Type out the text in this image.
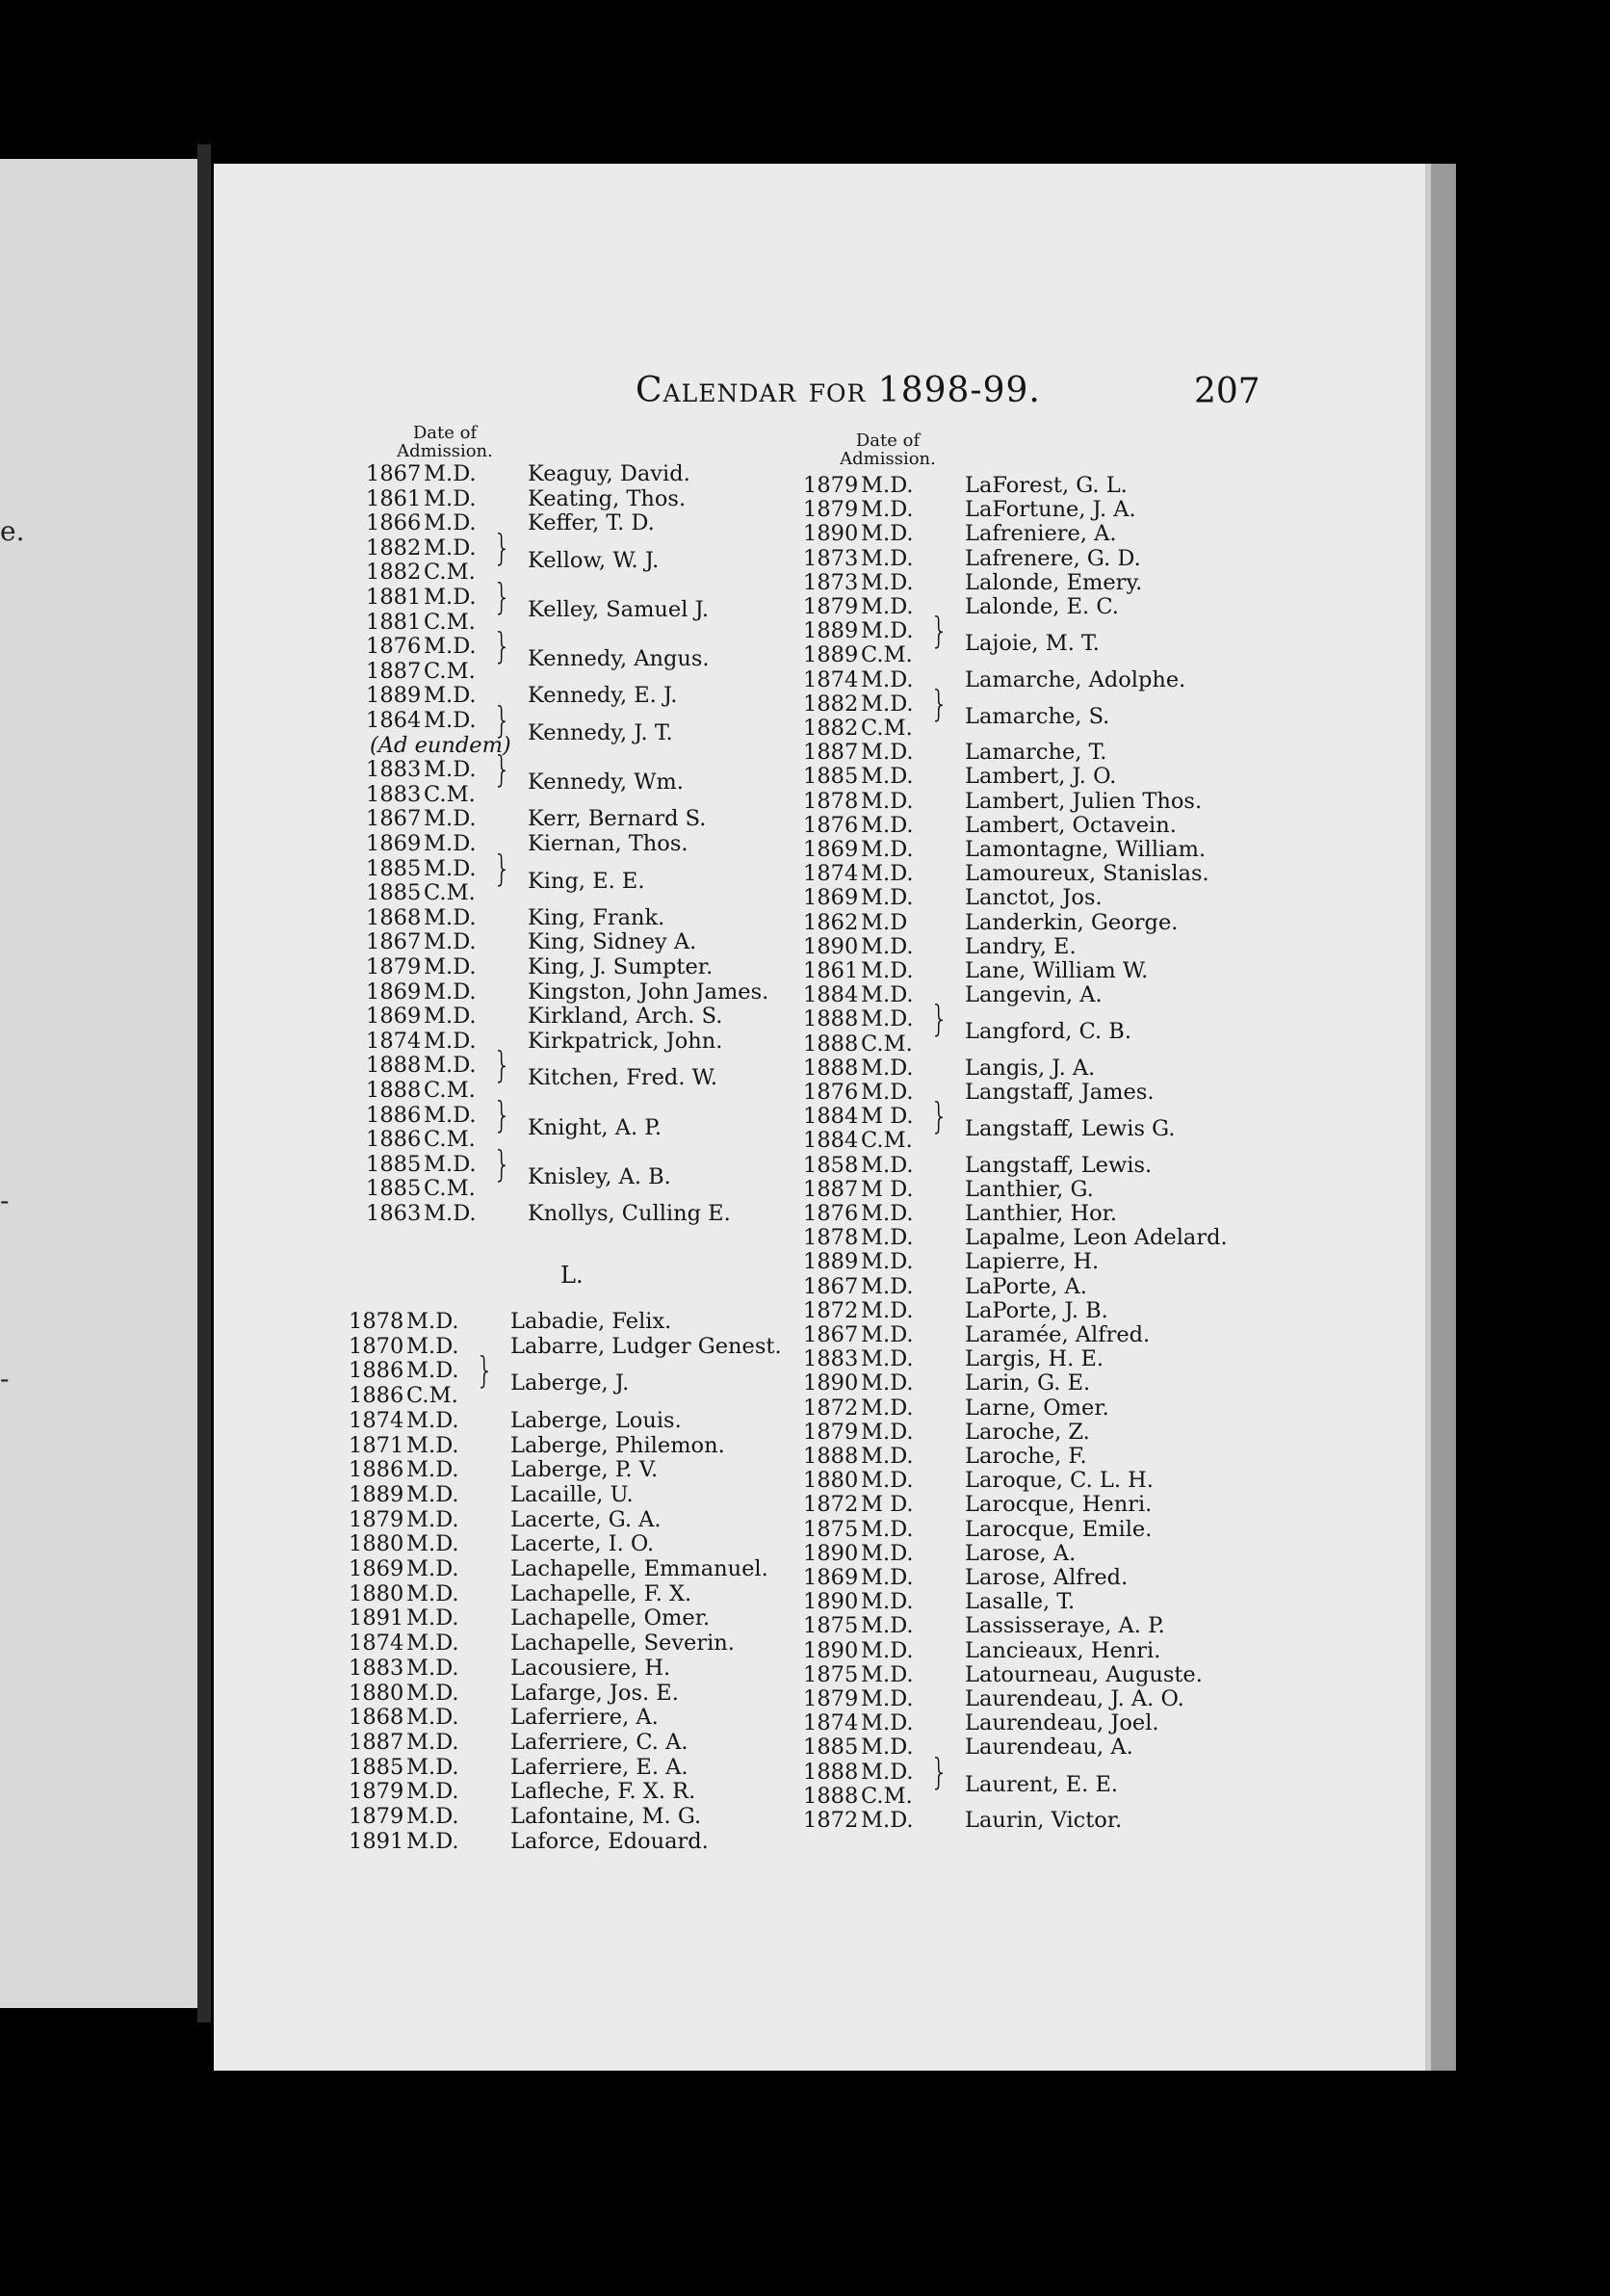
e.
-
-
Calendar for 1898-99.	207
Date of Admission.
Date of Admission.
1867 M.D. Keaguy, David.
1861 M.D. Keating, Thos.
1866 M.D. Keffer, T. D.
1882 M.D.
1882 C.M.
} Kellow, W. J.
1881 M.D.
1881 C.M.
} Kelley, Samuel J.
1876 M.D.
1887 C.M.
} Kennedy, Angus.
1889 M.D. Kennedy, E. J.
1864 M.D.
(Ad eundem)
} Kennedy, J. T.
1883 M.D.
1883 C.M.
} Kennedy, Wm.
1867 M.D. Kerr, Bernard S.
1869 M.D. Kiernan, Thos.
1885 M.D.
1885 C.M.
} King, E. E.
1868 M.D. King, Frank.
1867 M.D. King, Sidney A.
1879 M.D. King, J. Sumpter.
1869 M.D. Kingston, John James.
1869 M.D. Kirkland, Arch. S.
1874 M.D. Kirkpatrick, John.
1888 M.D.
1888 C.M.
} Kitchen, Fred. W.
1886 M.D.
1886 C.M.
} Knight, A. P.
1885 M.D.
1885 C.M.
} Knisley, A. B.
1863 M.D. Knollys, Culling E.
L.
1878 M.D. Labadie, Felix.
1870 M.D. Labarre, Ludger Genest.
1886 M.D.
1886 C.M.
} Laberge, J.
1874 M.D. Laberge, Louis.
1871 M.D. Laberge, Philemon.
1886 M.D. Laberge, P. V.
1889 M.D. Lacaille, U.
1879 M.D. Lacerte, G. A.
1880 M.D. Lacerte, I. O.
1869 M.D. Lachapelle, Emmanuel.
1880 M.D. Lachapelle, F. X.
1891 M.D. Lachapelle, Omer.
1874 M.D. Lachapelle, Severin.
1883 M.D. Lacousiere, H.
1880 M.D. Lafarge, Jos. E.
1868 M.D. Laferriere, A.
1887 M.D. Laferriere, C. A.
1885 M.D. Laferriere, E. A.
1879 M.D. Lafleche, F. X. R.
1879 M.D. Lafontaine, M. G.
1891 M.D. Laforce, Edouard.
1879 M.D. LaForest, G. L.
1879 M.D. LaFortune, J. A.
1890 M.D. Lafreniere, A.
1873 M.D. Lafrenere, G. D.
1873 M.D. Lalonde, Emery.
1879 M.D. Lalonde, E. C.
1889 M.D.
1889 C.M.
} Lajoie, M. T.
1874 M.D. Lamarche, Adolphe.
1882 M.D.
1882 C.M.
} Lamarche, S.
1887 M.D. Lamarche, T.
1885 M.D. Lambert, J. O.
1878 M.D. Lambert, Julien Thos.
1876 M.D. Lambert, Octavein.
1869 M.D. Lamontagne, William.
1874 M.D. Lamoureux, Stanislas.
1869 M.D. Lanctot, Jos.
1862 M.D	Landerkin, George.
1890 M.D. Landry, E.
1861 M.D. Lane, William W.
1884 M.D. Langevin, A.
1888 M.D.
1888 C.M.
} Langford, C. B.
1888 M.D. Langis, J. A.
1876 M.D. Langstaff, James.
1884 M D.
1884 C.M.
} Langstaff, Lewis G.
1858 M.D. Langstaff, Lewis.
1887 M D. Lanthier, G.
1876 M.D. Lanthier, Hor.
1878 M.D. Lapalme, Leon Adelard.
1889 M.D. Lapierre, H.
1867 M.D. LaPorte, A.
1872 M.D. LaPorte, J. B.
1867 M.D. Laramée, Alfred.
1883 M.D. Largis, H. E.
1890 M.D. Larin, G. E.
1872 M.D. Larne, Omer.
1879 M.D. Laroche, Z.
1888 M.D. Laroche, F.
1880 M.D. Laroque, C. L. H.
1872 M D. Larocque, Henri.
1875 M.D. Larocque, Emile.
1890 M.D. Larose, A.
1869 M.D. Larose, Alfred.
1890 M.D. Lasalle, T.
1875 M.D. Lassisseraye, A. P.
1890 M.D. Lancieaux, Henri.
1875 M.D. Latourneau, Auguste.
1879 M.D. Laurendeau, J. A. O.
1874 M.D. Laurendeau, Joel.
1885 M.D. Laurendeau, A.
1888 M.D.
1888 C.M.
} Laurent, E. E.
1872 M.D. Laurin, Victor.
